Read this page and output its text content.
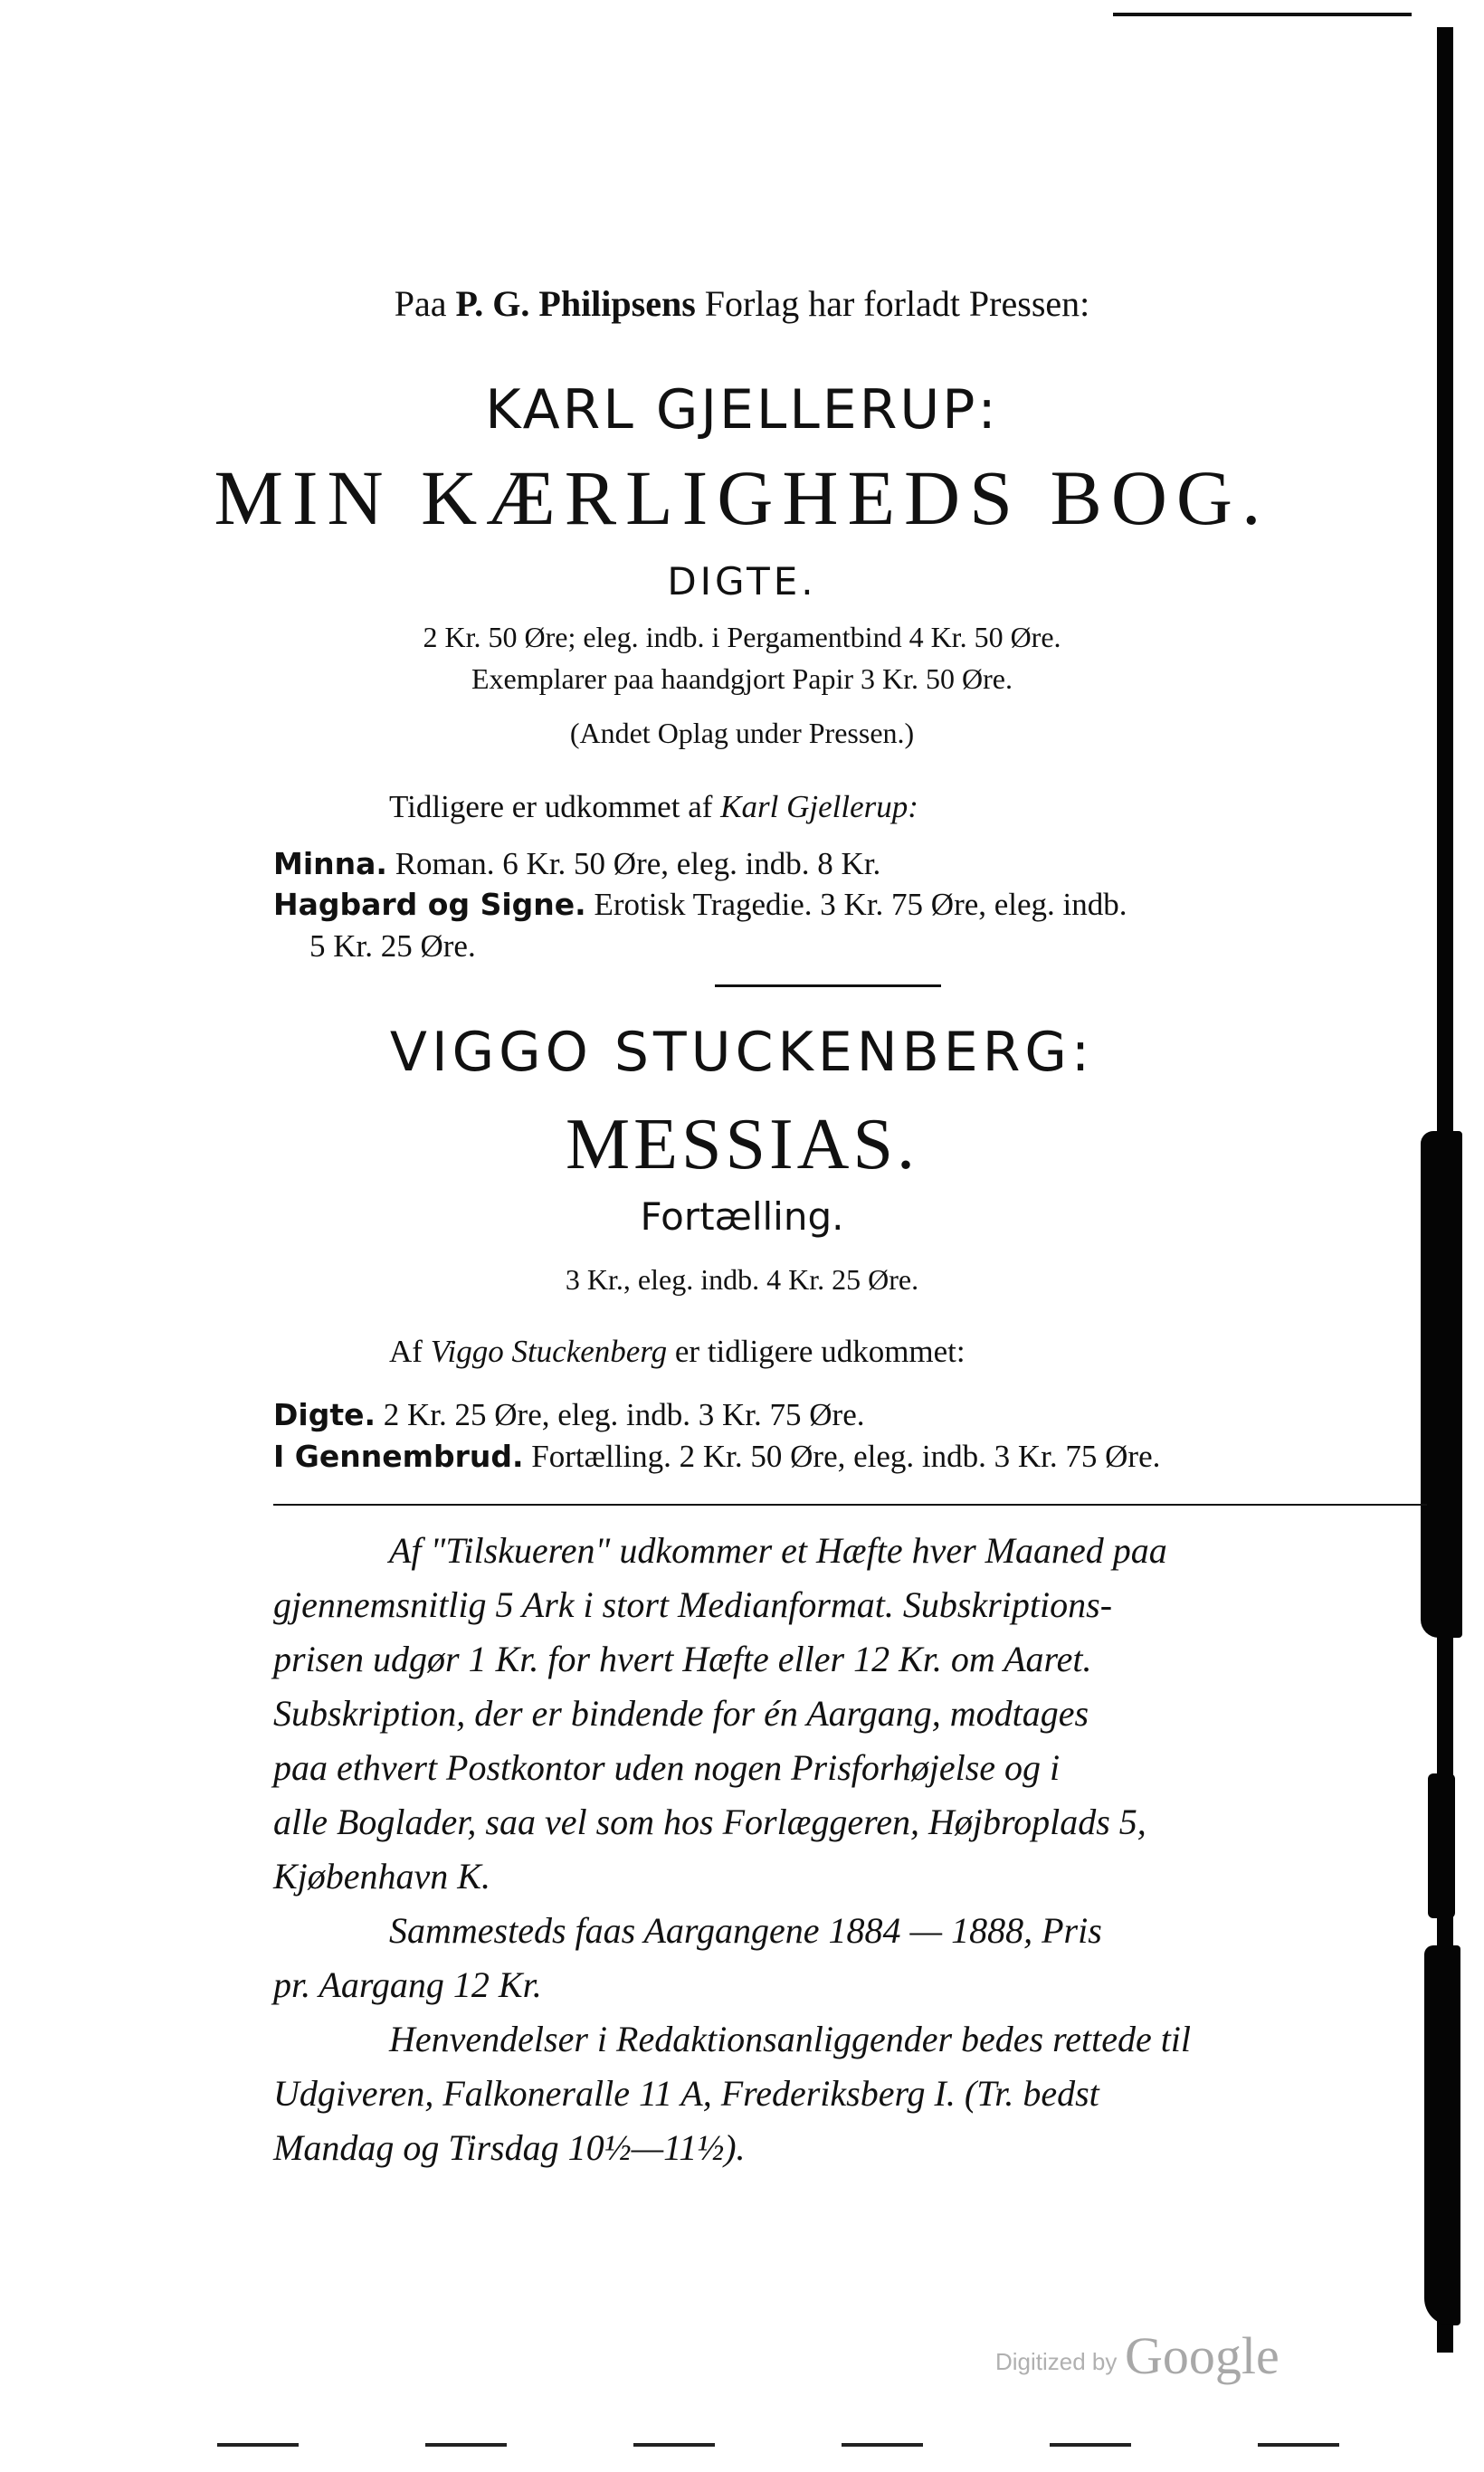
Paa P. G. Philipsens Forlag har forladt Pressen:
KARL GJELLERUP:
MIN KÆRLIGHEDS BOG.
DIGTE.
2 Kr. 50 Øre; eleg. indb. i Pergamentbind 4 Kr. 50 Øre.
Exemplarer paa haandgjort Papir 3 Kr. 50 Øre.
(Andet Oplag under Pressen.)
Tidligere er udkommet af Karl Gjellerup:
Minna. Roman. 6 Kr. 50 Øre, eleg. indb. 8 Kr.
Hagbard og Signe. Erotisk Tragedie. 3 Kr. 75 Øre, eleg. indb.
5 Kr. 25 Øre.
VIGGO STUCKENBERG:
MESSIAS.
Fortælling.
3 Kr., eleg. indb. 4 Kr. 25 Øre.
Af Viggo Stuckenberg er tidligere udkommet:
Digte. 2 Kr. 25 Øre, eleg. indb. 3 Kr. 75 Øre.
I Gennembrud. Fortælling. 2 Kr. 50 Øre, eleg. indb. 3 Kr. 75 Øre.
Af "Tilskueren" udkommer et Hæfte hver Maaned paa
gjennemsnitlig 5 Ark i stort Medianformat. Subskriptions-
prisen udgør 1 Kr. for hvert Hæfte eller 12 Kr. om Aaret.
Subskription, der er bindende for én Aargang, modtages
paa ethvert Postkontor uden nogen Prisforhøjelse og i
alle Boglader, saa vel som hos Forlæggeren, Højbroplads 5,
Kjøbenhavn K.
Sammesteds faas Aargangene 1884 — 1888, Pris
pr. Aargang 12 Kr.
Henvendelser i Redaktionsanliggender bedes rettede til
Udgiveren, Falkoneralle 11 A, Frederiksberg I. (Tr. bedst
Mandag og Tirsdag 10½—11½).
Digitized by Google
